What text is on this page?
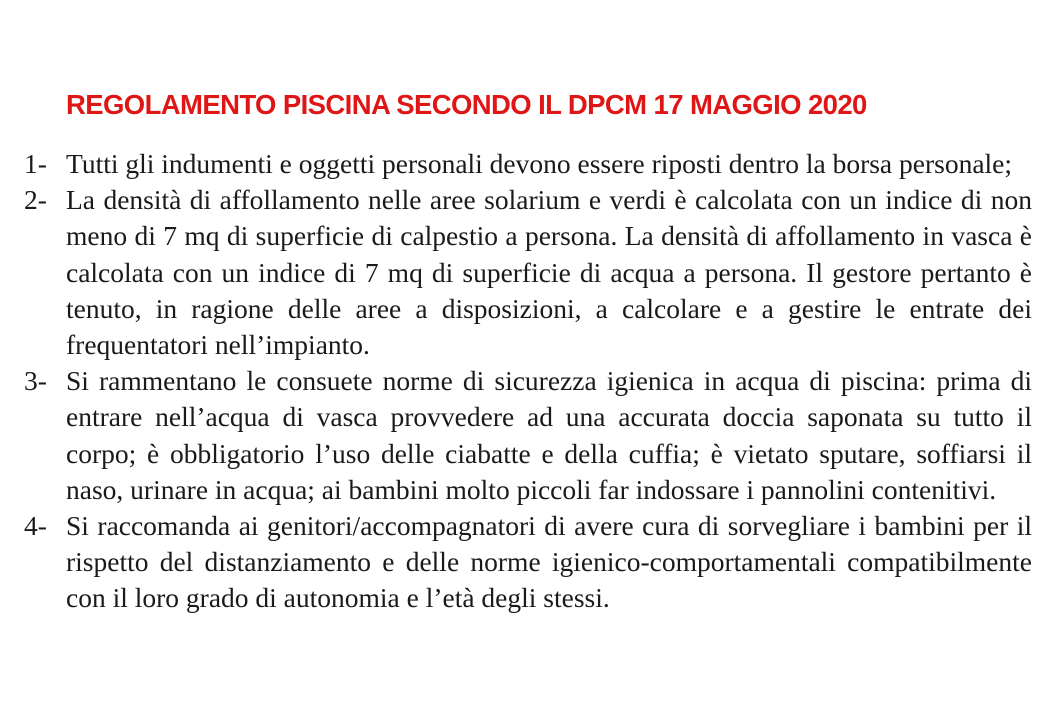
REGOLAMENTO PISCINA SECONDO IL DPCM 17 MAGGIO 2020
1- Tutti gli indumenti e oggetti personali devono essere riposti dentro la borsa personale;
2- La densità di affollamento nelle aree solarium e verdi è calcolata con un indice di non meno di 7 mq di superficie di calpestio a persona. La densità di affollamento in vasca è calcolata con un indice di 7 mq di superficie di acqua a persona. Il gestore pertanto è tenuto, in ragione delle aree a disposizioni, a calcolare e a gestire le entrate dei frequentatori nell’impianto.
3- Si rammentano le consuete norme di sicurezza igienica in acqua di piscina: prima di entrare nell’acqua di vasca provvedere ad una accurata doccia saponata su tutto il corpo; è obbligatorio l’uso delle ciabatte e della cuffia; è vietato sputare, soffiarsi il naso, urinare in acqua; ai bambini molto piccoli far indossare i pannolini contenitivi.
4- Si raccomanda ai genitori/accompagnatori di avere cura di sorvegliare i bambini per il rispetto del distanziamento e delle norme igienico-comportamentali compatibilmente con il loro grado di autonomia e l’età degli stessi.
